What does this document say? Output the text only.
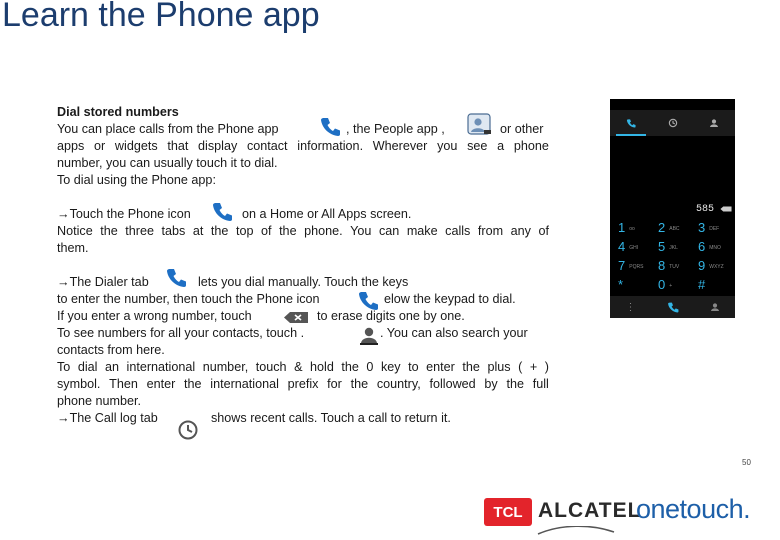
Learn the Phone app
Dial stored numbers
You can place calls from the Phone app	, the People app ,	or other
apps or widgets that display contact information. Wherever you see a phone
number, you can usually touch it to dial.
To dial using the Phone app:
→Touch the Phone icon	on a Home or All Apps screen.
Notice the three tabs at the top of the phone. You can make calls from any of
them.
→The Dialer tab	lets you dial manually. Touch the keys
to enter the number, then touch the Phone icon	elow the keypad to dial.
If you enter a wrong number, touch	to erase digits one by one.
To see numbers for all your contacts, touch .	. You can also search your
contacts from here.
To dial an international number, touch & hold the 0 key to enter the plus ( + )
symbol. Then enter the international prefix for the country, followed by the full
phone number.
→The Call log tab	shows recent calls. Touch a call to return it.
585
1 oo	2 ABC	3 DEF
4 GHI	5 JKL	6 MNO
7 PQRS	8 TUV	9 WXYZ
*	0 +	#
⋮
50
TCL ALCATEL
onetouch.
